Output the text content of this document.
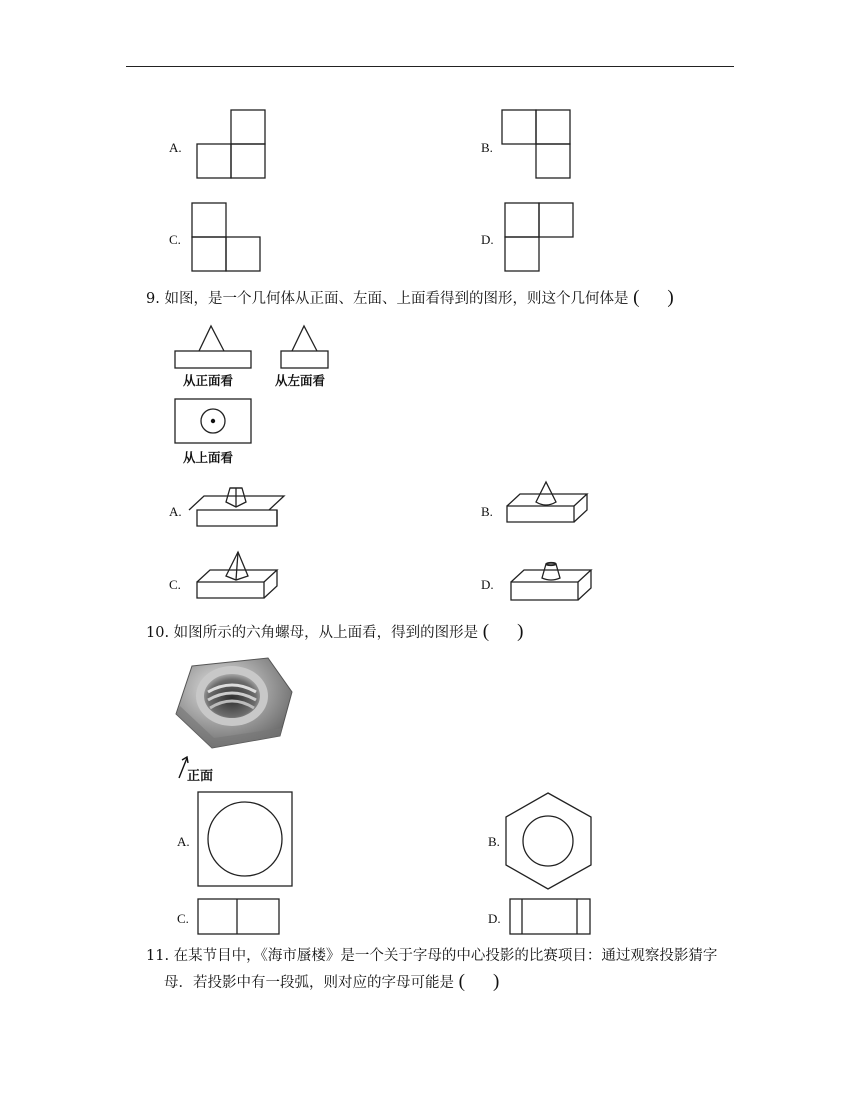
A.	B.
C.	D.
9. 如图，是一个几何体从正面、左面、上面看得到的图形，则这个几何体是 ( )
从正面看	从左面看
从上面看
A.	B.
C.	D.
10. 如图所示的六角螺母，从上面看，得到的图形是 ( )
正面
A.	B.
C.	D.
11. 在某节目中，《海市蜃楼》是一个关于字母的中心投影的比赛项目：通过观察投影猜字
母．若投影中有一段弧，则对应的字母可能是 ( )
